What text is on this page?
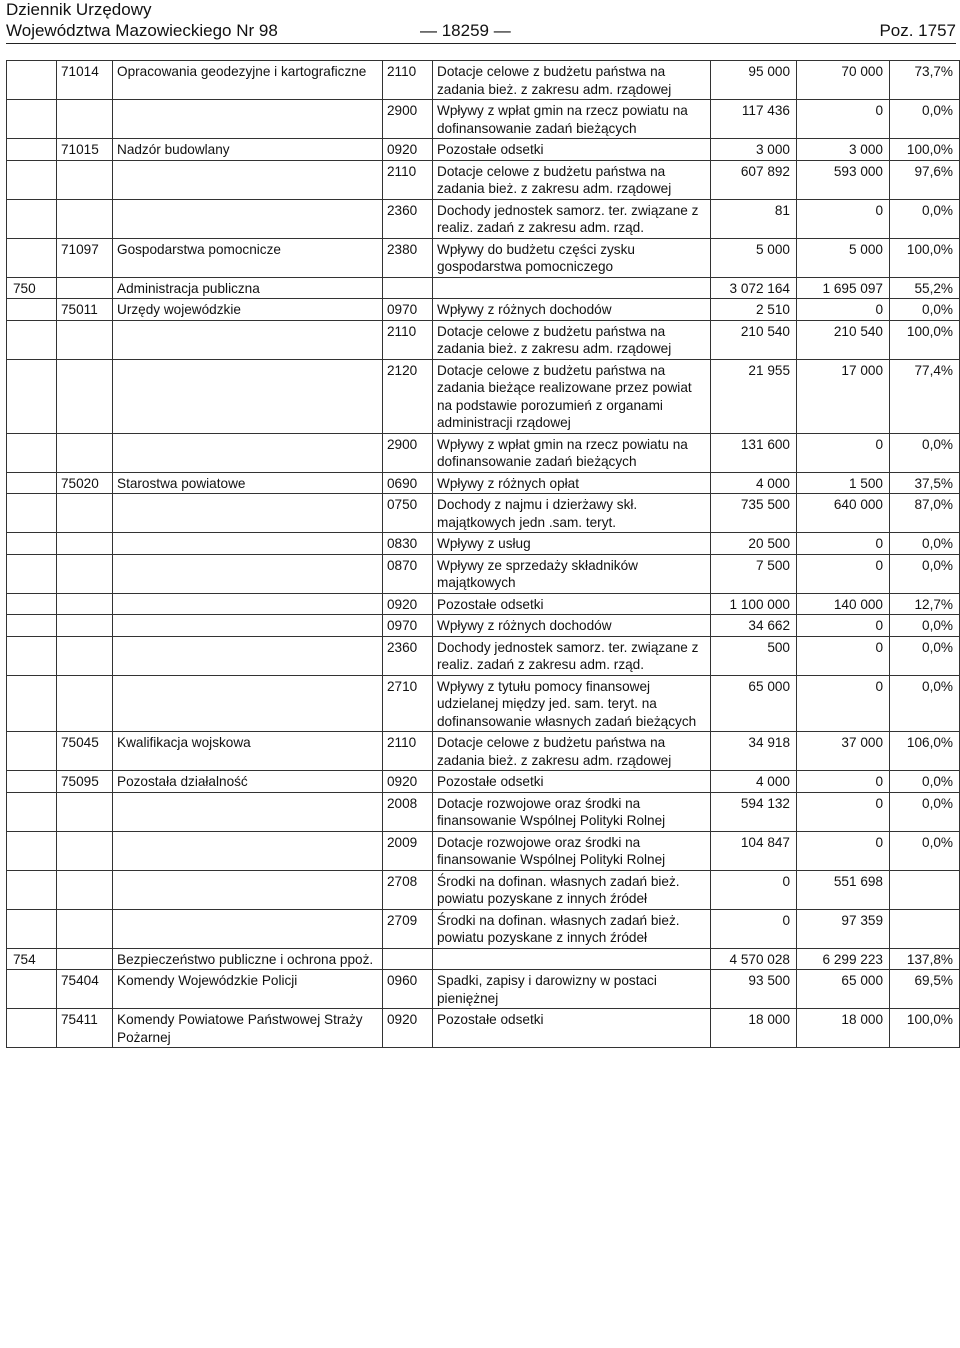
Dziennik Urzędowy
Województwa Mazowieckiego Nr 98	— 18259 —	Poz. 1757
	71014	Opracowania geodezyjne i kartograficzne	2110	Dotacje celowe z budżetu państwa na zadania bież. z zakresu adm. rządowej	95 000	70 000	73,7%
			2900	Wpływy z wpłat gmin na rzecz powiatu na dofinansowanie zadań bieżących	117 436	0	0,0%
	71015	Nadzór budowlany	0920	Pozostałe odsetki	3 000	3 000	100,0%
			2110	Dotacje celowe z budżetu państwa na zadania bież. z zakresu adm. rządowej	607 892	593 000	97,6%
			2360	Dochody jednostek samorz. ter. związane z realiz. zadań z zakresu adm. rząd.	81	0	0,0%
	71097	Gospodarstwa pomocnicze	2380	Wpływy do budżetu części zysku gospodarstwa pomocniczego	5 000	5 000	100,0%
750		Administracja publiczna			3 072 164	1 695 097	55,2%
	75011	Urzędy wojewódzkie	0970	Wpływy z różnych dochodów	2 510	0	0,0%
			2110	Dotacje celowe z budżetu państwa na zadania bież. z zakresu adm. rządowej	210 540	210 540	100,0%
			2120	Dotacje celowe z budżetu państwa na zadania bieżące realizowane przez powiat na podstawie porozumień z organami administracji rządowej	21 955	17 000	77,4%
			2900	Wpływy z wpłat gmin na rzecz powiatu na dofinansowanie zadań bieżących	131 600	0	0,0%
	75020	Starostwa powiatowe	0690	Wpływy z różnych opłat	4 000	1 500	37,5%
			0750	Dochody z najmu i dzierżawy skł. majątkowych jedn .sam. teryt.	735 500	640 000	87,0%
			0830	Wpływy z usług	20 500	0	0,0%
			0870	Wpływy ze sprzedaży składników majątkowych	7 500	0	0,0%
			0920	Pozostałe odsetki	1 100 000	140 000	12,7%
			0970	Wpływy z różnych dochodów	34 662	0	0,0%
			2360	Dochody jednostek samorz. ter. związane z realiz. zadań z zakresu adm. rząd.	500	0	0,0%
			2710	Wpływy z tytułu pomocy finansowej udzielanej między jed. sam. teryt. na dofinansowanie własnych zadań bieżących	65 000	0	0,0%
	75045	Kwalifikacja wojskowa	2110	Dotacje celowe z budżetu państwa na zadania bież. z zakresu adm. rządowej	34 918	37 000	106,0%
	75095	Pozostała działalność	0920	Pozostałe odsetki	4 000	0	0,0%
			2008	Dotacje rozwojowe oraz środki na finansowanie Wspólnej Polityki Rolnej	594 132	0	0,0%
			2009	Dotacje rozwojowe oraz środki na finansowanie Wspólnej Polityki Rolnej	104 847	0	0,0%
			2708	Środki na dofinan. własnych zadań bież. powiatu pozyskane z innych źródeł	0	551 698	
			2709	Środki na dofinan. własnych zadań bież. powiatu pozyskane z innych źródeł	0	97 359	
754		Bezpieczeństwo publiczne i ochrona ppoż.			4 570 028	6 299 223	137,8%
	75404	Komendy Wojewódzkie Policji	0960	Spadki, zapisy i darowizny w postaci pieniężnej	93 500	65 000	69,5%
	75411	Komendy Powiatowe Państwowej Straży Pożarnej	0920	Pozostałe odsetki	18 000	18 000	100,0%
